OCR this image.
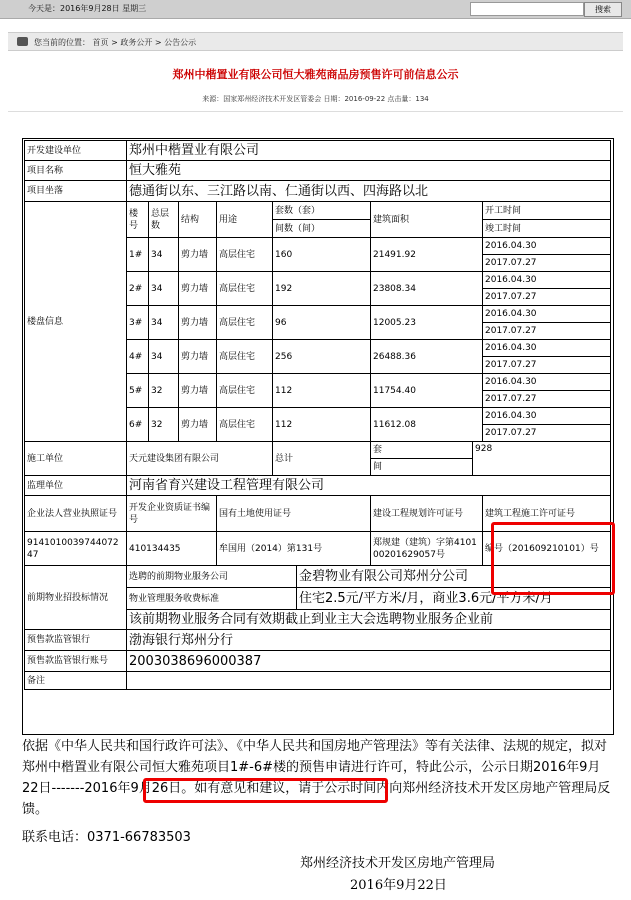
今天是：2016年9月28日 星期三	搜索
您当前的位置： 首页 > 政务公开 > 公告公示
郑州中楷置业有限公司恒大雅苑商品房预售许可前信息公示
来源：国家郑州经济技术开发区管委会 日期：2016-09-22 点击量：134
开发建设单位	郑州中楷置业有限公司								
项目名称	恒大雅苑								
项目坐落	德通街以东、三江路以南、仁通街以西、四海路以北								
楼盘信息	楼号	总层数	结构	用途	套数（套）		建筑面积		开工时间
					间数（间）				竣工时间
	1#	34	剪力墙	高层住宅	160		21491.92		2016.04.30
									2017.07.27
	2#	34	剪力墙	高层住宅	192		23808.34		2016.04.30
									2017.07.27
	3#	34	剪力墙	高层住宅	96		12005.23		2016.04.30
									2017.07.27
	4#	34	剪力墙	高层住宅	256		26488.36		2016.04.30
									2017.07.27
	5#	32	剪力墙	高层住宅	112		11754.40		2016.04.30
									2017.07.27
	6#	32	剪力墙	高层住宅	112		11612.08		2016.04.30
									2017.07.27
施工单位	天元建设集团有限公司				总计		套	928	
							间		
监理单位	河南省育兴建设工程管理有限公司								
企业法人营业执照证号	开发企业资质证书编号			国有土地使用证号			建设工程规划许可证号		建筑工程施工许可证号
914101003974407247	410134435			牟国用（2014）第131号			郑规建（建筑）字第410100201629057号		编号（201609210101）号
前期物业招投标情况	选聘的前期物业服务公司					金碧物业有限公司郑州分公司			
	物业管理服务收费标准					住宅2.5元/平方米/月，商业3.6元/平方米/月			
	该前期物业服务合同有效期截止到业主大会选聘物业服务企业前								
预售款监管银行	渤海银行郑州分行								
预售款监管银行账号	2003038696000387								
备注									
依据《中华人民共和国行政许可法》、《中华人民共和国房地产管理法》等有关法律、法规的规定，拟对郑州中楷置业有限公司恒大雅苑项目1#-6#楼的预售申请进行许可，特此公示，公示日期2016年9月22日-------2016年9月26日。如有意见和建议，请于公示时间内向郑州经济技术开发区房地产管理局反馈。
联系电话：0371-66783503
郑州经济技术开发区房地产管理局
2016年9月22日
